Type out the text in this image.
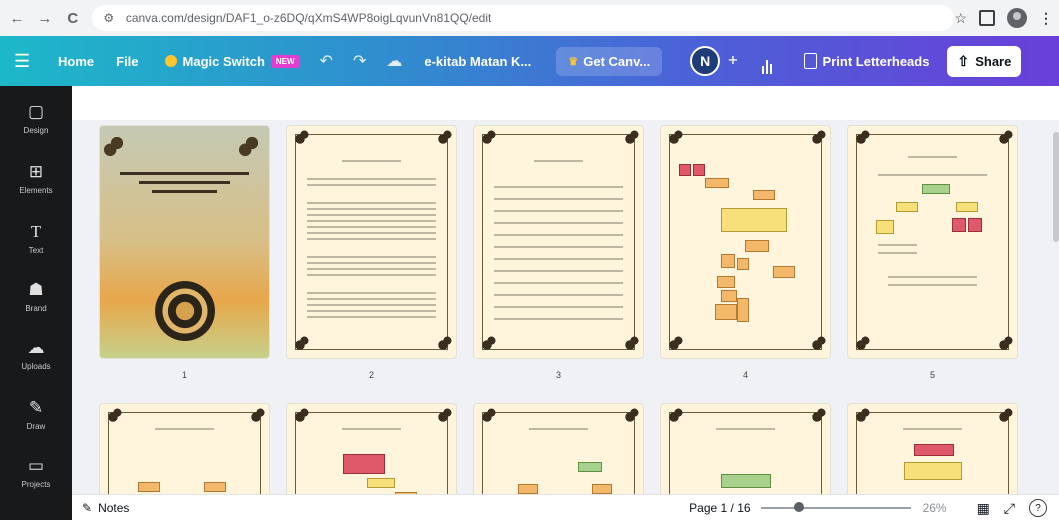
← →	C	⚙ canva.com/design/DAF1_o-z6DQ/qXmS4WP8oigLqvunVn81QQ/edit	☆	⋮
☰	Home File	Magic Switch	NEW	↶ ↷ ☁ e-kitab Matan K...	♛ Get Canv...	N	+	Print Letterheads ⇧ Share
▢
Design
⊞
Elements
T
Text
☗
Brand
☁
Uploads
✎
Draw
▭
Projects
1	2	3	4	5
✎ Notes	Page 1 / 16	26%	▦ ⤢	?
